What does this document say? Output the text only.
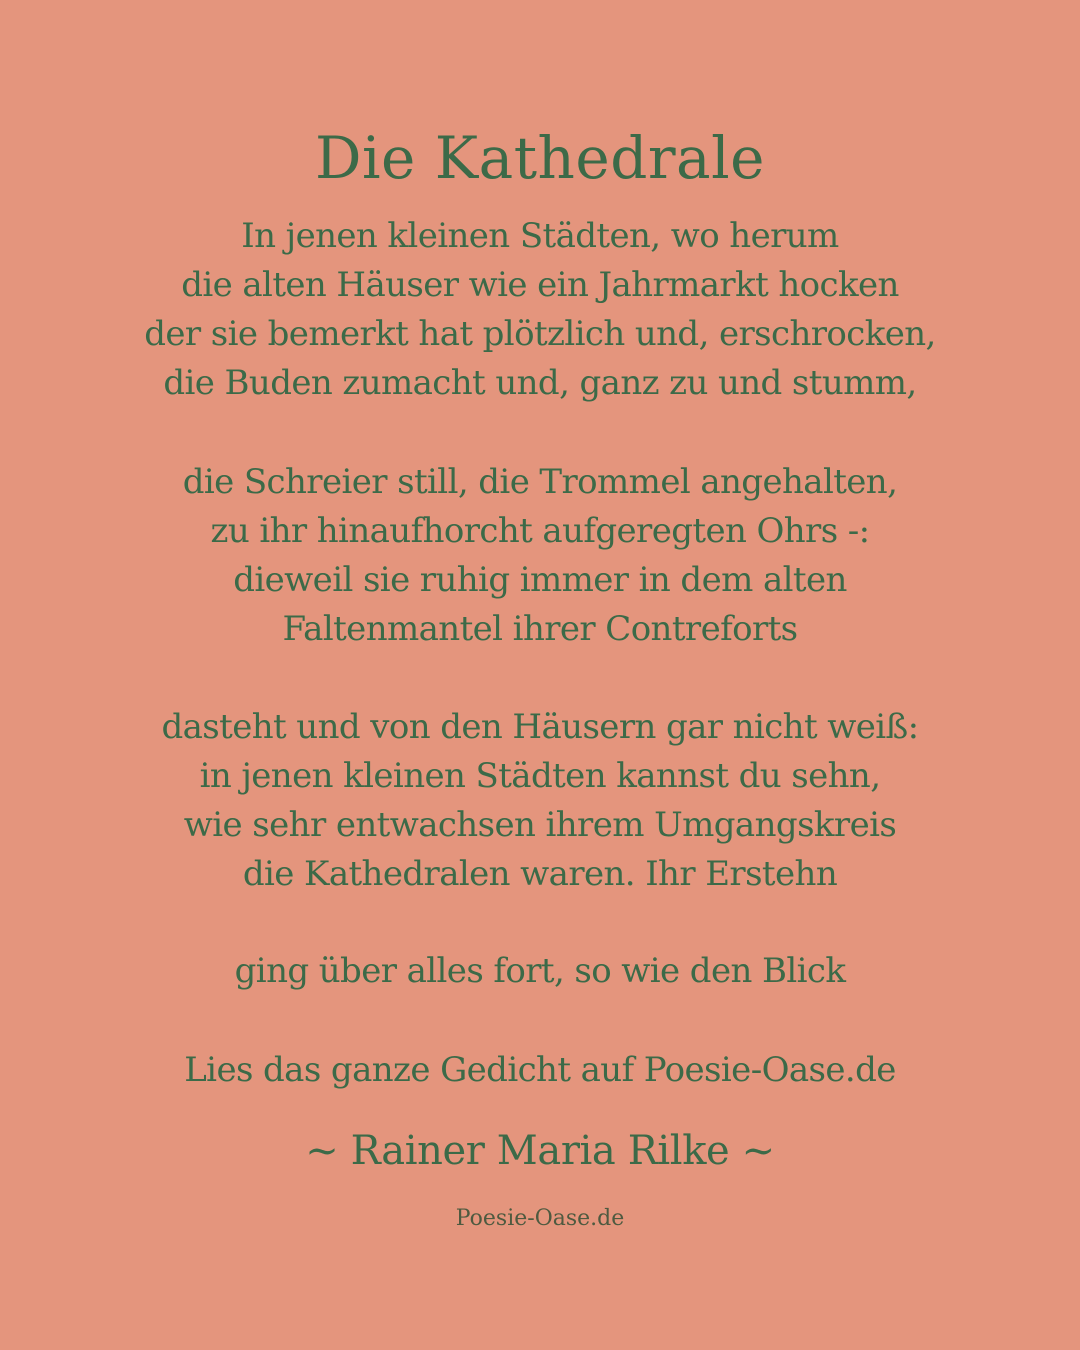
Die Kathedrale
In jenen kleinen Städten, wo herum
die alten Häuser wie ein Jahrmarkt hocken
der sie bemerkt hat plötzlich und, erschrocken,
die Buden zumacht und, ganz zu und stumm,
die Schreier still, die Trommel angehalten,
zu ihr hinaufhorcht aufgeregten Ohrs -:
dieweil sie ruhig immer in dem alten
Faltenmantel ihrer Contreforts
dasteht und von den Häusern gar nicht weiß:
in jenen kleinen Städten kannst du sehn,
wie sehr entwachsen ihrem Umgangskreis
die Kathedralen waren. Ihr Erstehn
ging über alles fort, so wie den Blick
Lies das ganze Gedicht auf Poesie-Oase.de
~ Rainer Maria Rilke ~
Poesie-Oase.de
